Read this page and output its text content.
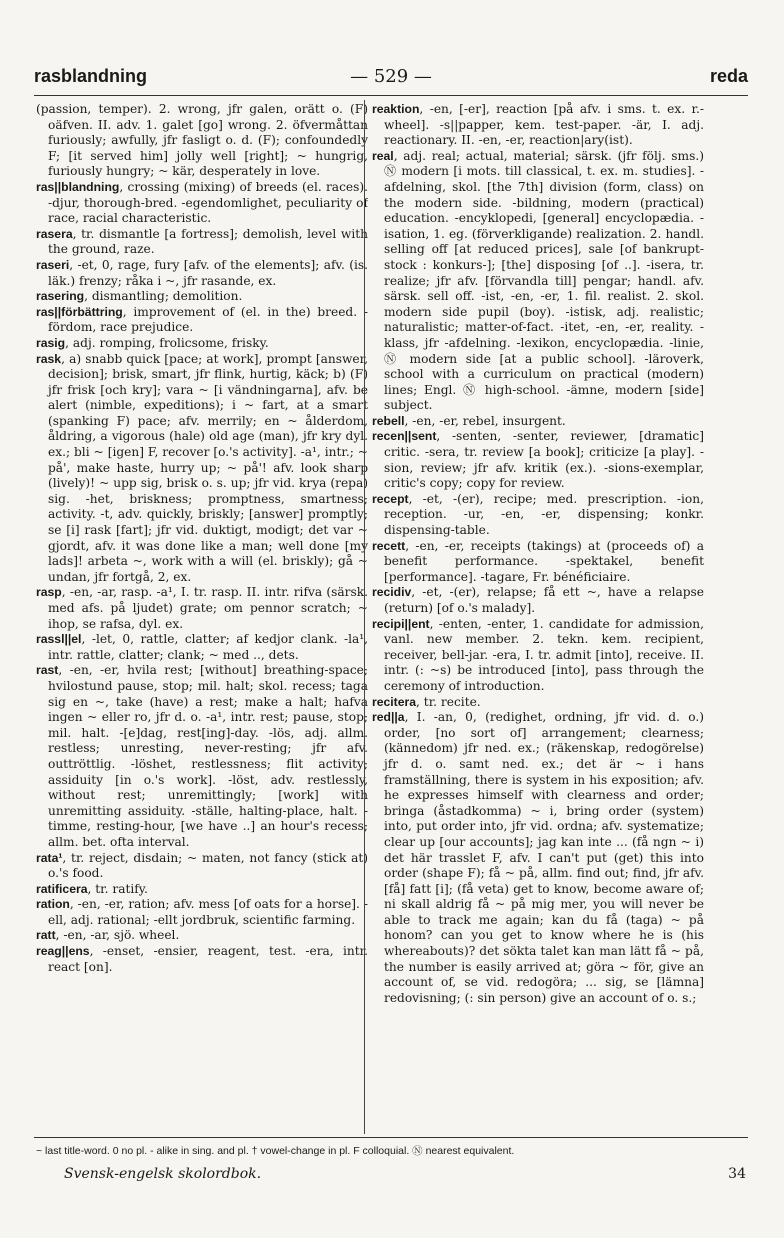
rasblandning	— 529 —	reda

(passion, temper). 2. wrong, jfr galen, orätt o. (F) oäfven. II. adv. 1. galet [go] wrong. 2. öfvermåttan furiously; awfully, jfr fasligt o. d. (F); confoundedly F; [it served him] jolly well [right]; ~ hungrig, furiously hungry; ~ kär, desperately in love.

ras||blandning, crossing (mixing) of breeds (el. races). -djur, thorough-bred. -egendomlighet, peculiarity of race, racial characteristic.

rasera, tr. dismantle [a fortress]; demolish, level with the ground, raze.

raseri, -et, 0, rage, fury [afv. of the elements]; afv. (is. läk.) frenzy; råka i ~, jfr rasande, ex.

rasering, dismantling; demolition.

ras||förbättring, improvement of (el. in the) breed. -fördom, race prejudice.

rasig, adj. romping, frolicsome, frisky.

rask, a) snabb quick [pace; at work], prompt [answer, decision]; brisk, smart, jfr flink, hurtig, käck; b) (F) jfr frisk [och kry]; vara ~ [i vändningarna], afv. be alert (nimble, expeditions); i ~ fart, at a smart (spanking F) pace; afv. merrily; en ~ ålderdom, åldring, a vigorous (hale) old age (man), jfr kry dyl. ex.; bli ~ [igen] F, recover [o.'s activity]. -a¹, intr.; ~ på', make haste, hurry up; ~ på'! afv. look sharp (lively)! ~ upp sig, brisk o. s. up; jfr vid. krya (repa) sig. -het, briskness; promptness, smartness; activity. -t, adv. quickly, briskly; [answer] promptly; se [i] rask [fart]; jfr vid. duktigt, modigt; det var ~ gjordt, afv. it was done like a man; well done [my lads]! arbeta ~, work with a will (el. briskly); gå ~ undan, jfr fortgå, 2, ex.

rasp, -en, -ar, rasp. -a¹, I. tr. rasp. II. intr. rifva (särsk. med afs. på ljudet) grate; om pennor scratch; ~ ihop, se rafsa, dyl. ex.

rassl||el, -let, 0, rattle, clatter; af kedjor clank. -la¹, intr. rattle, clatter; clank; ~ med .., dets.

rast, -en, -er, hvila rest; [without] breathing-space; hvilostund pause, stop; mil. halt; skol. recess; taga sig en ~, take (have) a rest; make a halt; hafva ingen ~ eller ro, jfr d. o. -a¹, intr. rest; pause, stop; mil. halt. -[e]dag, rest[ing]-day. -lös, adj. allm. restless; unresting, never-resting; jfr afv. outtröttlig. -löshet, restlessness; flit activity; assiduity [in o.'s work]. -löst, adv. restlessly, without rest; unremittingly; [work] with unremitting assiduity. -ställe, halting-place, halt. -timme, resting-hour, [we have ..] an hour's recess; allm. bet. ofta interval.

rata¹, tr. reject, disdain; ~ maten, not fancy (stick at) o.'s food.

ratificera, tr. ratify.

ration, -en, -er, ration; afv. mess [of oats for a horse]. -ell, adj. rational; -ellt jordbruk, scientific farming.

ratt, -en, -ar, sjö. wheel.

reag||ens, -enset, -ensier, reagent, test. -era, intr. react [on].

reaktion, -en, [-er], reaction [på afv. i sms. t. ex. r.-wheel]. -s||papper, kem. test-paper. -är, I. adj. reactionary. II. -en, -er, reaction|ary(ist).

real, adj. real; actual, material; särsk. (jfr följ. sms.) Ⓝ modern [i mots. till classical, t. ex. m. studies]. -afdelning, skol. [the 7th] division (form, class) on the modern side. -bildning, modern (practical) education. -encyklopedi, [general] encyclopædia. -isation, 1. eg. (förverkligande) realization. 2. handl. selling off [at reduced prices], sale [of bankrupt-stock : konkurs-]; [the] disposing [of ..]. -isera, tr. realize; jfr afv. [förvandla till] pengar; handl. afv. särsk. sell off. -ist, -en, -er, 1. fil. realist. 2. skol. modern side pupil (boy). -istisk, adj. realistic; naturalistic; matter-of-fact. -itet, -en, -er, reality. -klass, jfr -afdelning. -lexikon, encyclopædia. -linie, Ⓝ modern side [at a public school]. -läroverk, school with a curriculum on practical (modern) lines; Engl. Ⓝ high-school. -ämne, modern [side] subject.

rebell, -en, -er, rebel, insurgent.

recen||sent, -senten, -senter, reviewer, [dramatic] critic. -sera, tr. review [a book]; criticize [a play]. -sion, review; jfr afv. kritik (ex.). -sions-exemplar, critic's copy; copy for review.

recept, -et, -(er), recipe; med. prescription. -ion, reception. -ur, -en, -er, dispensing; konkr. dispensing-table.

recett, -en, -er, receipts (takings) at (proceeds of) a benefit performance. -spektakel, benefit [performance]. -tagare, Fr. bénéficiaire.

recidiv, -et, -(er), relapse; få ett ~, have a relapse (return) [of o.'s malady].

recipi||ent, -enten, -enter, 1. candidate for admission, vanl. new member. 2. tekn. kem. recipient, receiver, bell-jar. -era, I. tr. admit [into], receive. II. intr. (: ~s) be introduced [into], pass through the ceremony of introduction.

recitera, tr. recite.

red||a, I. -an, 0, (redighet, ordning, jfr vid. d. o.) order, [no sort of] arrangement; clearness; (kännedom) jfr ned. ex.; (räkenskap, redogörelse) jfr d. o. samt ned. ex.; det är ~ i hans framställning, there is system in his exposition; afv. he expresses himself with clearness and order; bringa (åstadkomma) ~ i, bring order (system) into, put order into, jfr vid. ordna; afv. systematize; clear up [our accounts]; jag kan inte ... (få ngn ~ i) det här trasslet F, afv. I can't put (get) this into order (shape F); få ~ på, allm. find out; find, jfr afv. [få] fatt [i]; (få veta) get to know, become aware of; ni skall aldrig få ~ på mig mer, you will never be able to track me again; kan du få (taga) ~ på honom? can you get to know where he is (his whereabouts)? det sökta talet kan man lätt få ~ på, the number is easily arrived at; göra ~ för, give an account of, se vid. redogöra; ... sig, se [lämna] redovisning; (: sin person) give an account of o. s.;

~ last title-word. 0 no pl. - alike in sing. and pl. † vowel-change in pl. F colloquial. Ⓝ nearest equivalent.
Svensk-engelsk skolordbok.	34
